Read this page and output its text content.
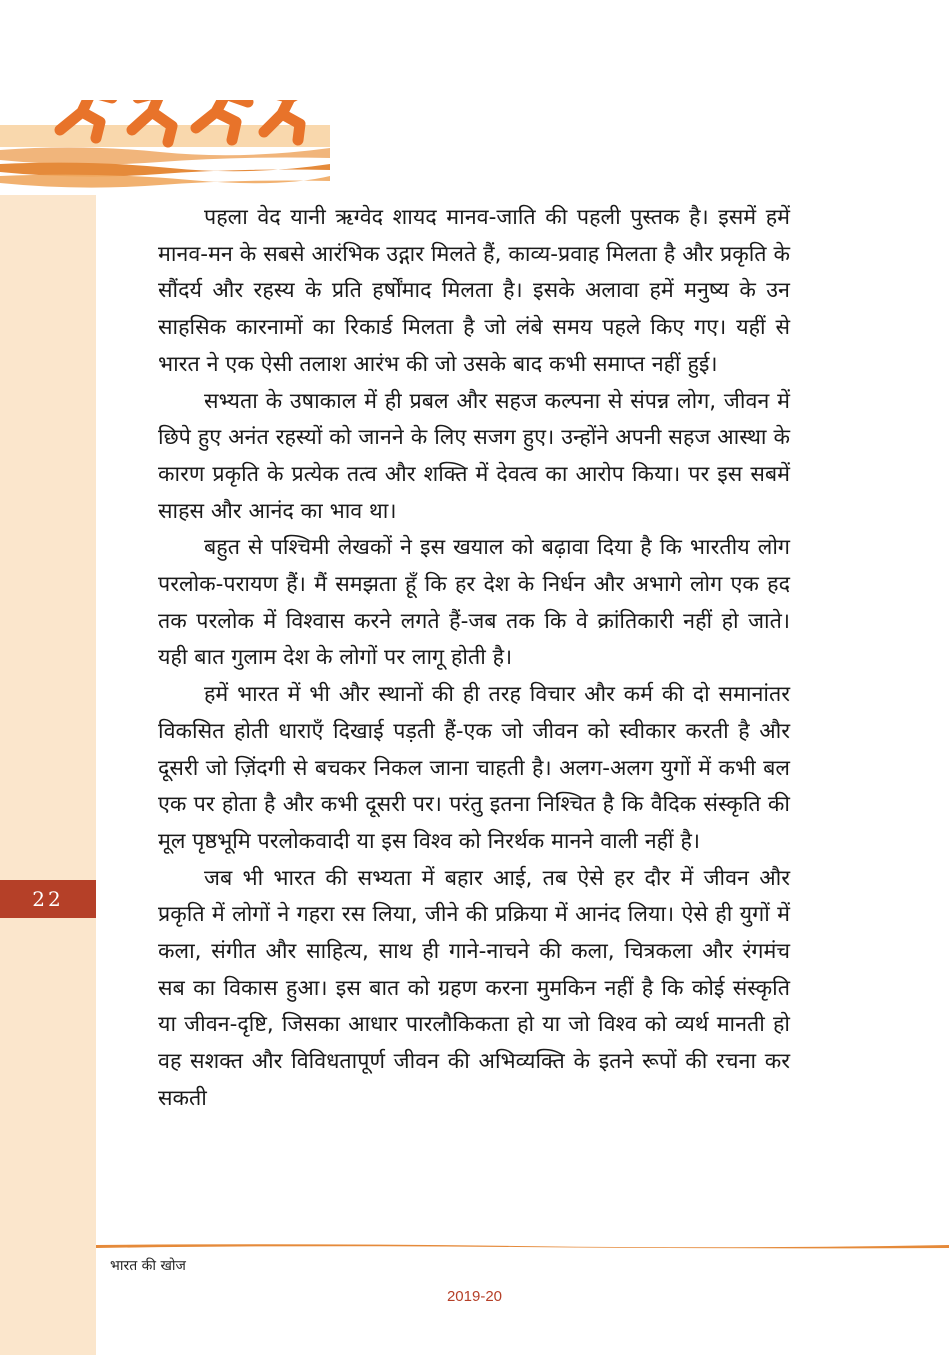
22

पहला वेद यानी ऋग्वेद शायद मानव-जाति की पहली पुस्तक है। इसमें हमें मानव-मन के सबसे आरंभिक उद्गार मिलते हैं, काव्य-प्रवाह मिलता है और प्रकृति के सौंदर्य और रहस्य के प्रति हर्षोंमाद मिलता है। इसके अलावा हमें मनुष्य के उन साहसिक कारनामों का रिकार्ड मिलता है जो लंबे समय पहले किए गए। यहीं से भारत ने एक ऐसी तलाश आरंभ की जो उसके बाद कभी समाप्त नहीं हुई।

सभ्यता के उषाकाल में ही प्रबल और सहज कल्पना से संपन्न लोग, जीवन में छिपे हुए अनंत रहस्यों को जानने के लिए सजग हुए। उन्होंने अपनी सहज आस्था के कारण प्रकृति के प्रत्येक तत्व और शक्ति में देवत्व का आरोप किया। पर इस सबमें साहस और आनंद का भाव था।

बहुत से पश्चिमी लेखकों ने इस खयाल को बढ़ावा दिया है कि भारतीय लोग परलोक-परायण हैं। मैं समझता हूँ कि हर देश के निर्धन और अभागे लोग एक हद तक परलोक में विश्वास करने लगते हैं-जब तक कि वे क्रांतिकारी नहीं हो जाते। यही बात गुलाम देश के लोगों पर लागू होती है।

हमें भारत में भी और स्थानों की ही तरह विचार और कर्म की दो समानांतर विकसित होती धाराएँ दिखाई पड़ती हैं-एक जो जीवन को स्वीकार करती है और दूसरी जो ज़िंदगी से बचकर निकल जाना चाहती है। अलग-अलग युगों में कभी बल एक पर होता है और कभी दूसरी पर। परंतु इतना निश्चित है कि वैदिक संस्कृति की मूल पृष्ठभूमि परलोकवादी या इस विश्व को निरर्थक मानने वाली नहीं है।

जब भी भारत की सभ्यता में बहार आई, तब ऐसे हर दौर में जीवन और प्रकृति में लोगों ने गहरा रस लिया, जीने की प्रक्रिया में आनंद लिया। ऐसे ही युगों में कला, संगीत और साहित्य, साथ ही गाने-नाचने की कला, चित्रकला और रंगमंच सब का विकास हुआ। इस बात को ग्रहण करना मुमकिन नहीं है कि कोई संस्कृति या जीवन-दृष्टि, जिसका आधार पारलौकिकता हो या जो विश्व को व्यर्थ मानती हो वह सशक्त और विविधतापूर्ण जीवन की अभिव्यक्ति के इतने रूपों की रचना कर सकती

भारत की खोज
2019-20
